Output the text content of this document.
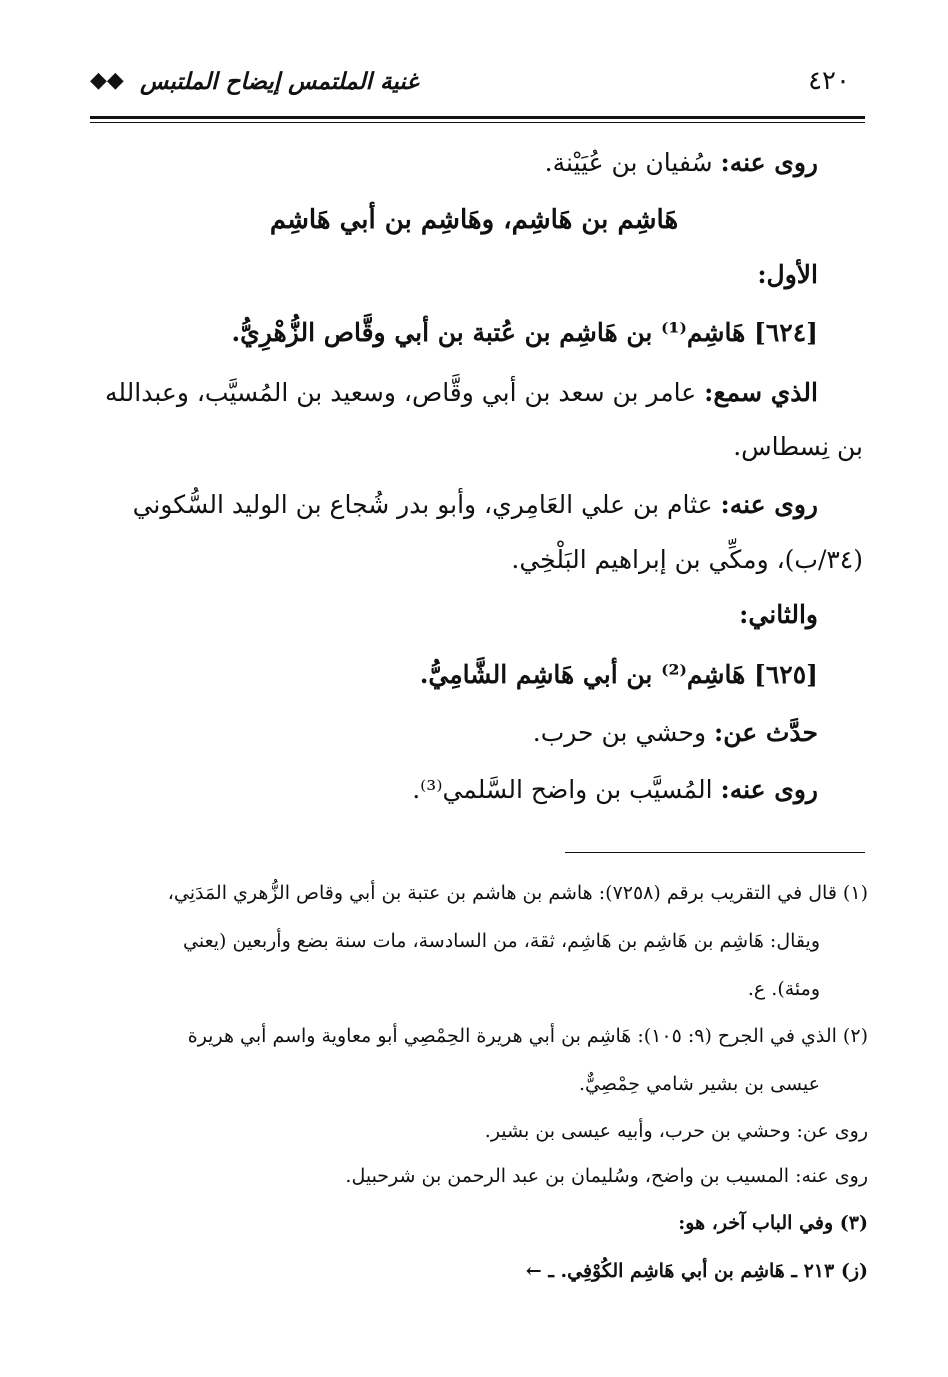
٤٢٠
غنية الملتمس إيضاح الملتبس
◆◆
روى عنه: سُفيان بن عُيَيْنة.
هَاشِم بن هَاشِم، وهَاشِم بن أبي هَاشِم
الأول:
[٦٢٤] هَاشِم⁽¹⁾ بن هَاشِم بن عُتبة بن أبي وقَّاص الزُّهْرِيُّ.
الذي سمع: عامر بن سعد بن أبي وقَّاص، وسعيد بن المُسيَّب، وعبدالله
بن نِسطاس.
روى عنه: عثام بن علي العَامِري، وأبو بدر شُجاع بن الوليد السُّكوني
(٣٤/ب)، ومكِّي بن إبراهيم البَلْخِي.
والثاني:
[٦٢٥] هَاشِم⁽²⁾ بن أبي هَاشِم الشَّامِيُّ.
حدَّث عن: وحشي بن حرب.
روى عنه: المُسيَّب بن واضح السَّلمي⁽³⁾.
(١) قال في التقريب برقم (٧٢٥٨): هاشم بن هاشم بن عتبة بن أبي وقاص الزُّهري المَدَنِي،
ويقال: هَاشِم بن هَاشِم بن هَاشِم، ثقة، من السادسة، مات سنة بضع وأربعين (يعني
ومئة). ع.
(٢) الذي في الجرح (٩: ١٠٥): هَاشِم بن أبي هريرة الحِمْصِي أبو معاوية واسم أبي هريرة
عيسى بن بشير شامي حِمْصِيٌّ.
روى عن: وحشي بن حرب، وأبيه عيسى بن بشير.
روى عنه: المسيب بن واضح، وسُليمان بن عبد الرحمن بن شرحبيل.
(٣) وفي الباب آخر، هو:
(ز) ٢١٣ ـ هَاشِم بن أبي هَاشِم الكُوْفِي. ـ ←
